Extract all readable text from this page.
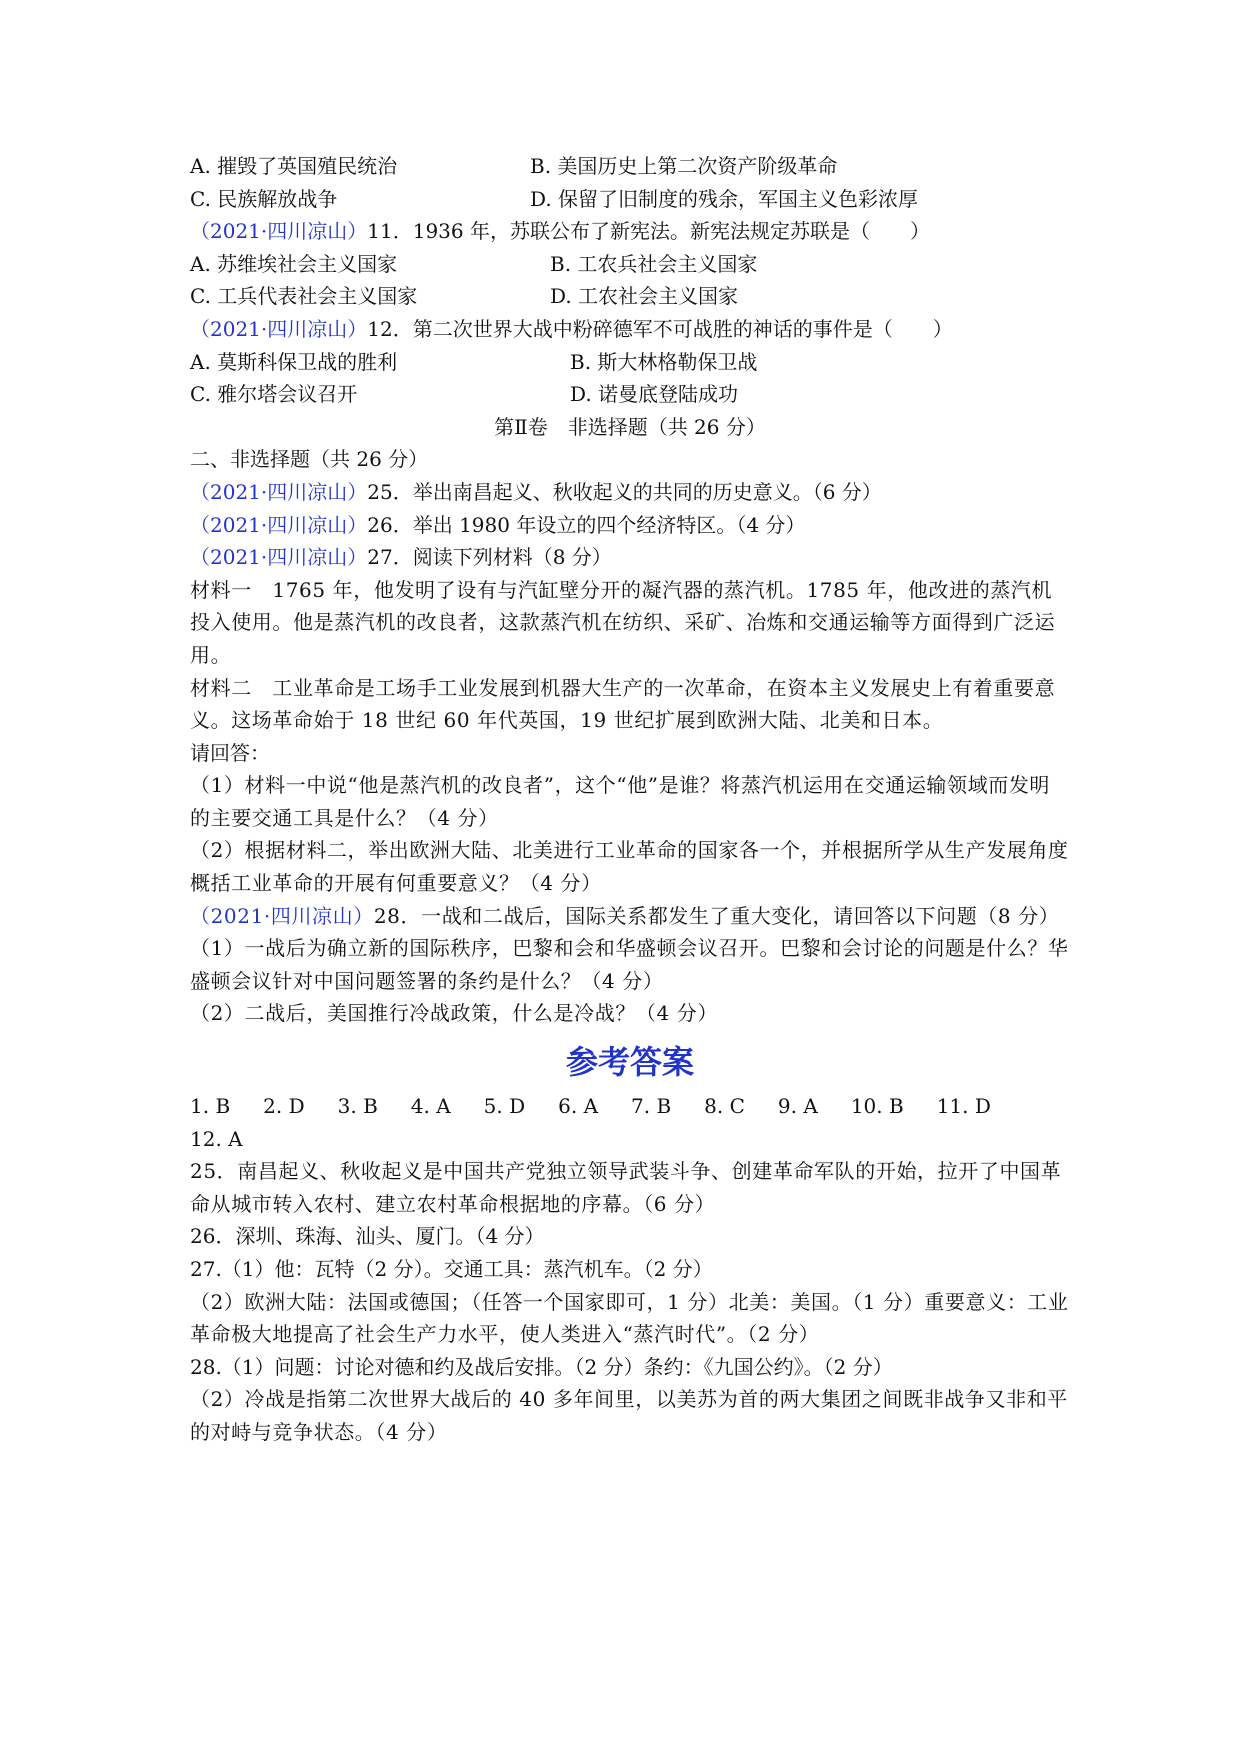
A. 摧毁了英国殖民统治	B. 美国历史上第二次资产阶级革命
C. 民族解放战争	D. 保留了旧制度的残余，军国主义色彩浓厚
（2021·四川凉山）11．1936 年，苏联公布了新宪法。新宪法规定苏联是（　　）
A. 苏维埃社会主义国家	B. 工农兵社会主义国家
C. 工兵代表社会主义国家	D. 工农社会主义国家
（2021·四川凉山）12．第二次世界大战中粉碎德军不可战胜的神话的事件是（　　）
A. 莫斯科保卫战的胜利	B. 斯大林格勒保卫战
C. 雅尔塔会议召开	D. 诺曼底登陆成功
第Ⅱ卷　非选择题（共 26 分）
二、非选择题（共 26 分）
（2021·四川凉山）25．举出南昌起义、秋收起义的共同的历史意义。（6 分）
（2021·四川凉山）26．举出 1980 年设立的四个经济特区。（4 分）
（2021·四川凉山）27．阅读下列材料（8 分）
材料一　1765 年，他发明了设有与汽缸壁分开的凝汽器的蒸汽机。1785 年，他改进的蒸汽机投入使用。他是蒸汽机的改良者，这款蒸汽机在纺织、采矿、冶炼和交通运输等方面得到广泛运用。
材料二　工业革命是工场手工业发展到机器大生产的一次革命，在资本主义发展史上有着重要意义。这场革命始于 18 世纪 60 年代英国，19 世纪扩展到欧洲大陆、北美和日本。
请回答：
（1）材料一中说“他是蒸汽机的改良者”，这个“他”是谁？将蒸汽机运用在交通运输领域而发明的主要交通工具是什么？（4 分）
（2）根据材料二，举出欧洲大陆、北美进行工业革命的国家各一个，并根据所学从生产发展角度概括工业革命的开展有何重要意义？（4 分）
（2021·四川凉山）28．一战和二战后，国际关系都发生了重大变化，请回答以下问题（8 分）
（1）一战后为确立新的国际秩序，巴黎和会和华盛顿会议召开。巴黎和会讨论的问题是什么？华盛顿会议针对中国问题签署的条约是什么？（4 分）
（2）二战后，美国推行冷战政策，什么是冷战？（4 分）
参考答案
1. B 2. D 3. B 4. A 5. D 6. A 7. B 8. C 9. A 10. B 11. D
12. A
25．南昌起义、秋收起义是中国共产党独立领导武装斗争、创建革命军队的开始，拉开了中国革命从城市转入农村、建立农村革命根据地的序幕。（6 分）
26．深圳、珠海、汕头、厦门。（4 分）
27.（1）他：瓦特（2 分）。交通工具：蒸汽机车。（2 分）
（2）欧洲大陆：法国或德国；（任答一个国家即可，1 分）北美：美国。（1 分）重要意义：工业革命极大地提高了社会生产力水平，使人类进入“蒸汽时代”。（2 分）
28.（1）问题：讨论对德和约及战后安排。（2 分）条约：《九国公约》。（2 分）
（2）冷战是指第二次世界大战后的 40 多年间里，以美苏为首的两大集团之间既非战争又非和平的对峙与竞争状态。（4 分）
